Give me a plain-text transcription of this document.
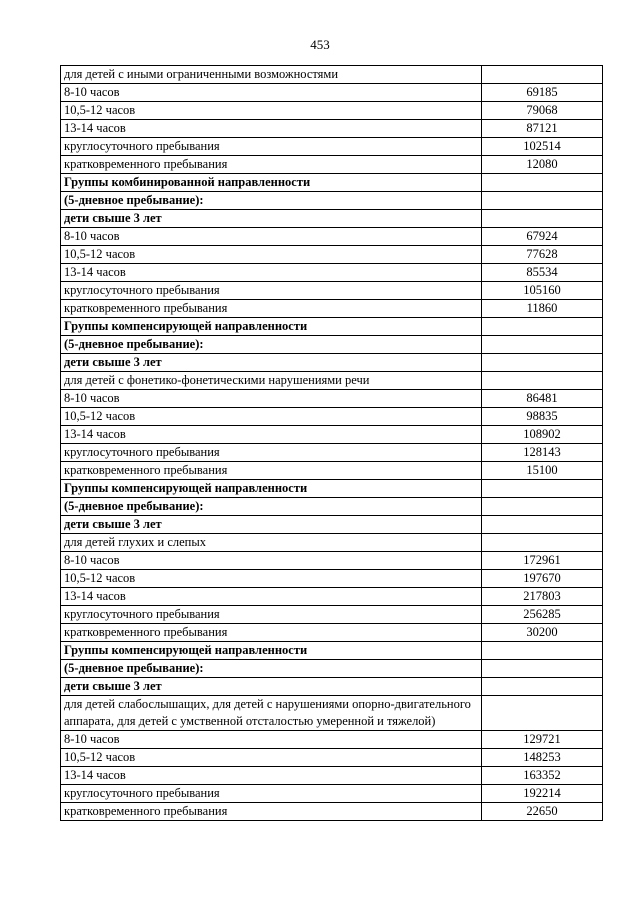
453
для детей с иными ограниченными возможностями	
8-10 часов	69185
10,5-12 часов	79068
13-14 часов	87121
круглосуточного пребывания	102514
кратковременного пребывания	12080
Группы комбинированной направленности	
(5-дневное пребывание):	
дети свыше 3 лет	
8-10 часов	67924
10,5-12 часов	77628
13-14 часов	85534
круглосуточного пребывания	105160
кратковременного пребывания	11860
Группы компенсирующей направленности	
(5-дневное пребывание):	
дети свыше 3 лет	
для детей с фонетико-фонетическими нарушениями речи	
8-10 часов	86481
10,5-12 часов	98835
13-14 часов	108902
круглосуточного пребывания	128143
кратковременного пребывания	15100
Группы компенсирующей направленности	
(5-дневное пребывание):	
дети свыше 3 лет	
для детей глухих и слепых	
8-10 часов	172961
10,5-12 часов	197670
13-14 часов	217803
круглосуточного пребывания	256285
кратковременного пребывания	30200
Группы компенсирующей направленности	
(5-дневное пребывание):	
дети свыше 3 лет	
для детей слабослышащих, для детей с нарушениями опорно-двигательного аппарата, для детей с умственной отсталостью умеренной и тяжелой)	
8-10 часов	129721
10,5-12 часов	148253
13-14 часов	163352
круглосуточного пребывания	192214
кратковременного пребывания	22650
